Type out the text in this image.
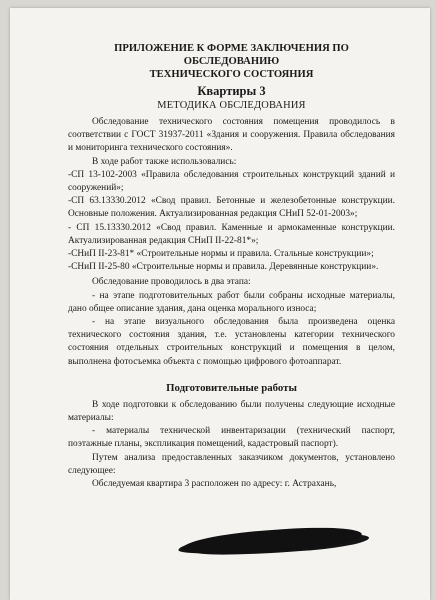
ПРИЛОЖЕНИЕ К ФОРМЕ ЗАКЛЮЧЕНИЯ ПО ОБСЛЕДОВАНИЮ

ТЕХНИЧЕСКОГО СОСТОЯНИЯ

Квартиры 3

МЕТОДИКА ОБСЛЕДОВАНИЯ

Обследование технического состояния помещения проводилось в соответствии с ГОСТ 31937-2011 «Здания и сооружения. Правила обследования и мониторинга технического состояния».

В ходе работ также использовались:

-СП 13-102-2003 «Правила обследования строительных конструкций зданий и сооружений»;

-СП 63.13330.2012 «Свод правил. Бетонные и железобетонные конструкции. Основные положения. Актуализированная редакция СНиП 52-01-2003»;

- СП 15.13330.2012 «Свод правил. Каменные и армокаменные конструкции. Актуализированная редакция СНиП II-22-81*»;

-СНиП II-23-81* «Строительные нормы и правила. Стальные конструкции»;

-СНиП II-25-80 «Строительные нормы и правила. Деревянные конструкции».

Обследование проводилось в два этапа:

- на этапе подготовительных работ были собраны исходные материалы, дано общее описание здания, дана оценка морального износа;

- на этапе визуального обследования была произведена оценка технического состояния здания, т.е. установлены категории технического состояния отдельных строительных конструкций и помещения в целом, выполнена фотосъемка объекта с помощью цифрового фотоаппарат.

Подготовительные работы

В ходе подготовки к обследованию были получены следующие исходные материалы:

- материалы технической инвентаризации (технический паспорт, поэтажные планы, экспликация помещений, кадастровый паспорт).

Путем анализа предоставленных заказчиком документов, установлено следующее:

Обследуемая квартира 3 расположен по адресу: г. Астрахань,
